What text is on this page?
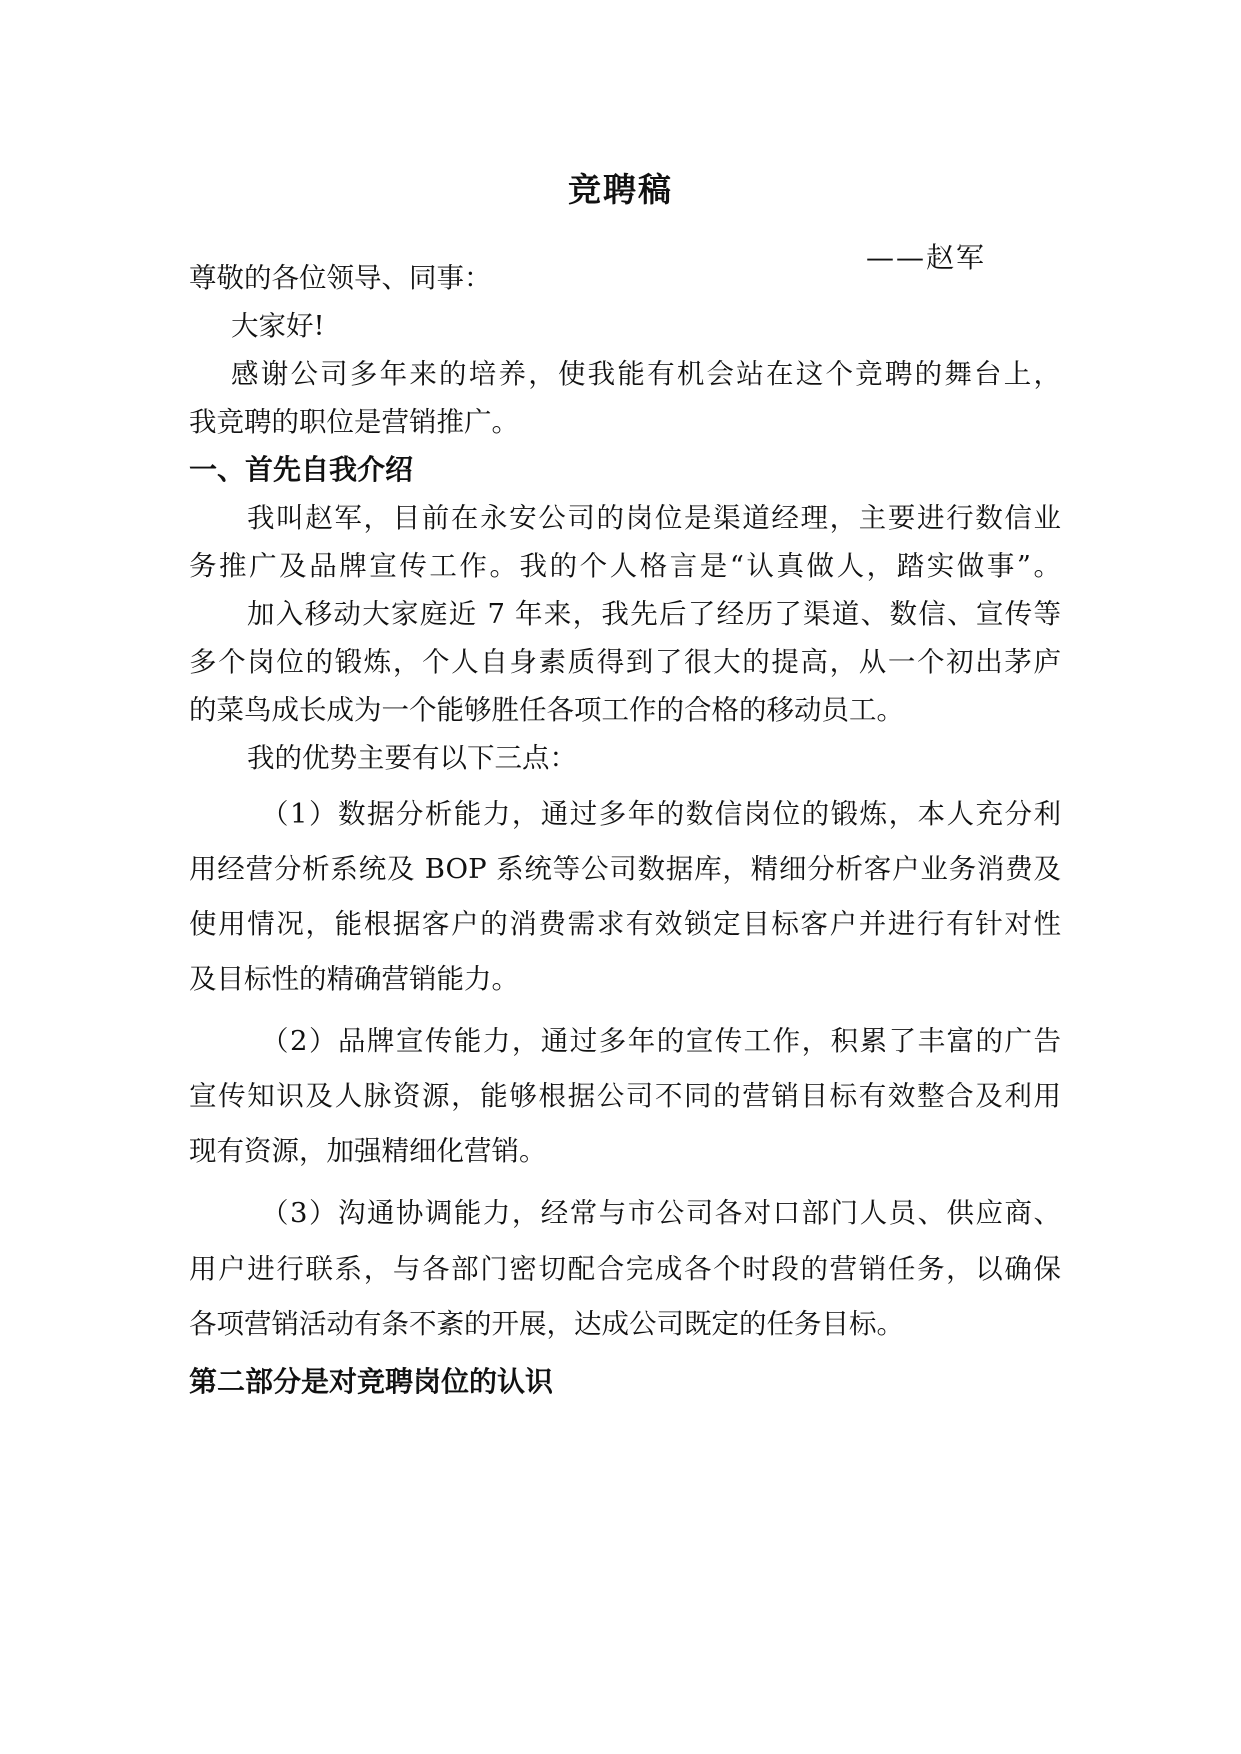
竞聘稿
——赵军
尊敬的各位领导、同事：
大家好!
感谢公司多年来的培养，使我能有机会站在这个竞聘的舞台上，
我竞聘的职位是营销推广。
一、首先自我介绍
我叫赵军，目前在永安公司的岗位是渠道经理，主要进行数信业
务推广及品牌宣传工作。我的个人格言是“认真做人，踏实做事”。
加入移动大家庭近 7 年来，我先后了经历了渠道、数信、宣传等
多个岗位的锻炼，个人自身素质得到了很大的提高，从一个初出茅庐
的菜鸟成长成为一个能够胜任各项工作的合格的移动员工。
我的优势主要有以下三点：
（1）数据分析能力，通过多年的数信岗位的锻炼，本人充分利
用经营分析系统及 BOP 系统等公司数据库，精细分析客户业务消费及
使用情况，能根据客户的消费需求有效锁定目标客户并进行有针对性
及目标性的精确营销能力。
（2）品牌宣传能力，通过多年的宣传工作，积累了丰富的广告
宣传知识及人脉资源，能够根据公司不同的营销目标有效整合及利用
现有资源，加强精细化营销。
（3）沟通协调能力，经常与市公司各对口部门人员、供应商、
用户进行联系，与各部门密切配合完成各个时段的营销任务，以确保
各项营销活动有条不紊的开展，达成公司既定的任务目标。
第二部分是对竞聘岗位的认识
